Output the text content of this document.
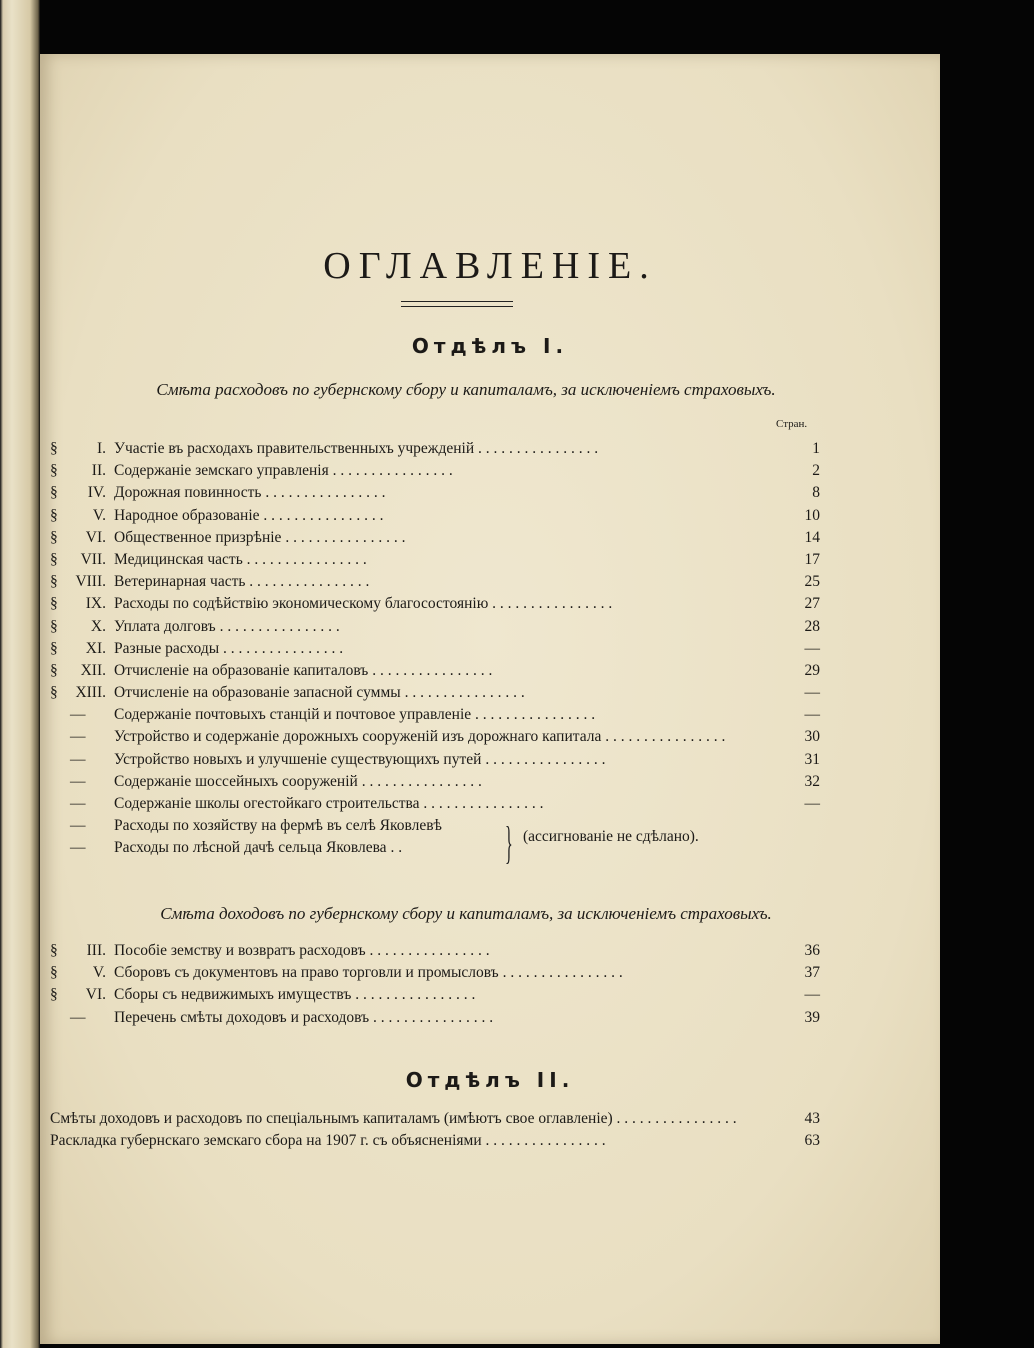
ОГЛАВЛЕНIЕ.
Отдѣлъ I.
Смѣта расходовъ по губернскому сбору и капиталамъ, за исключенiемъ страховыхъ.
Стран.
§	I. Участiе въ расходахъ правительственныхъ учрежденiй . . . . . . . . . . . . . . . .	1
§ II. Содержанiе земскаго управленiя . . . . . . . . . . . . . . . .	2
§ IV. Дорожная повинность . . . . . . . . . . . . . . . .	8
§ V. Народное образованiе . . . . . . . . . . . . . . . .	10
§ VI. Общественное призрѣнiе . . . . . . . . . . . . . . . .	14
§ VII. Медицинская часть . . . . . . . . . . . . . . . .	17
§ VIII. Ветеринарная часть . . . . . . . . . . . . . . . .	25
§ IX. Расходы по содѣйствiю экономическому благосостоянiю . . . . . . . . . . . . . . . .	27
§ X. Уплата долговъ . . . . . . . . . . . . . . . .	28
§ XI. Разные расходы . . . . . . . . . . . . . . . .	—
§ XII. Отчисленiе на образованiе капиталовъ . . . . . . . . . . . . . . . .	29
§ XIII. Отчисленiе на образованiе запасной суммы . . . . . . . . . . . . . . . .	—
— Содержанiе почтовыхъ станцiй и почтовое управленiе . . . . . . . . . . . . . . . .	—
— Устройство и содержанiе дорожныхъ сооруженiй изъ дорожнаго капитала . . . . . . . . . . . . . . . .	30
— Устройство новыхъ и улучшенiе существующихъ путей . . . . . . . . . . . . . . . .	31
— Содержанiе шоссейныхъ сооруженiй . . . . . . . . . . . . . . . .	32
— Содержанiе школы огестойкаго строительства . . . . . . . . . . . . . . . .	—
— Расходы по хозяйству на фермѣ въ селѣ Яковлевѣ
— Расходы по лѣсной дачѣ сельца Яковлева . .	} (ассигнованiе не сдѣлано).
Смѣта доходовъ по губернскому сбору и капиталамъ, за исключенiемъ страховыхъ.
§ III. Пособiе земству и возвратъ расходовъ . . . . . . . . . . . . . . . .	36
§ V. Сборовъ съ документовъ на право торговли и промысловъ . . . . . . . . . . . . . . . .	37
§ VI. Сборы съ недвижимыхъ имуществъ . . . . . . . . . . . . . . . .	—
— Перечень смѣты доходовъ и расходовъ . . . . . . . . . . . . . . . .	39
Отдѣлъ II.
Смѣты доходовъ и расходовъ по спецiальнымъ капиталамъ (имѣютъ свое оглавленiе) . . . . . . . . . . . . . . . .	43
Раскладка губернскаго земскаго сбора на 1907 г. съ объясненiями . . . . . . . . . . . . . . . .	63
